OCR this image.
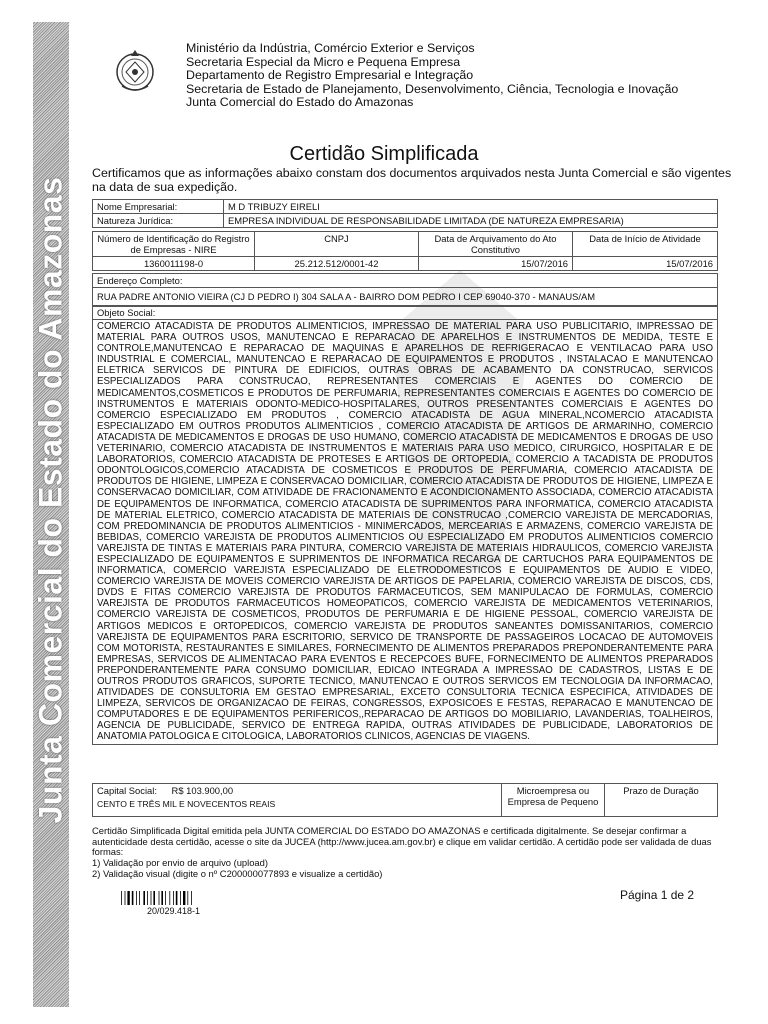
Junta Comercial do Estado do Amazonas
Ministério da Indústria, Comércio Exterior e Serviços
Secretaria Especial da Micro e Pequena Empresa
Departamento de Registro Empresarial e Integração
Secretaria de Estado de Planejamento, Desenvolvimento, Ciência, Tecnologia e Inovação
Junta Comercial do Estado do Amazonas
Certidão Simplificada
Certificamos que as informações abaixo constam dos documentos arquivados nesta Junta Comercial e são vigentes na data de sua expedição.
Nome Empresarial:	M D TRIBUZY EIRELI
Natureza Jurídica:	EMPRESA INDIVIDUAL DE RESPONSABILIDADE LIMITADA (DE NATUREZA EMPRESARIA)
Número de Identificação do Registro de Empresas - NIRE	CNPJ	Data de Arquivamento do Ato Constitutivo	Data de Início de Atividade
1360011198-0	25.212.512/0001-42	15/07/2016	15/07/2016
Endereço Completo:
RUA PADRE ANTONIO VIEIRA (CJ D PEDRO I) 304 SALA A - BAIRRO DOM PEDRO I CEP 69040-370 - MANAUS/AM
Objeto Social:
COMERCIO ATACADISTA DE PRODUTOS ALIMENTICIOS, IMPRESSAO DE MATERIAL PARA USO PUBLICITARIO, IMPRESSAO DE MATERIAL PARA OUTROS USOS, MANUTENCAO E REPARACAO DE APARELHOS E INSTRUMENTOS DE MEDIDA, TESTE E CONTROLE,MANUTENCAO E REPARACAO DE MAQUINAS E APARELHOS DE REFRIGERACAO E VENTILACAO PARA USO INDUSTRIAL E COMERCIAL, MANUTENCAO E REPARACAO DE EQUIPAMENTOS E PRODUTOS , INSTALACAO E MANUTENCAO ELETRICA SERVICOS DE PINTURA DE EDIFICIOS, OUTRAS OBRAS DE ACABAMENTO DA CONSTRUCAO, SERVICOS ESPECIALIZADOS PARA CONSTRUCAO, REPRESENTANTES COMERCIAIS E AGENTES DO COMERCIO DE MEDICAMENTOS,COSMETICOS E PRODUTOS DE PERFUMARIA, REPRESENTANTES COMERCIAIS E AGENTES DO COMERCIO DE INSTRUMENTOS E MATERIAIS ODONTO-MEDICO-HOSPITALARES, OUTROS PRESENTANTES COMERCIAIS E AGENTES DO COMERCIO ESPECIALIZADO EM PRODUTOS , COMERCIO ATACADISTA DE AGUA MINERAL,NCOMERCIO ATACADISTA ESPECIALIZADO EM OUTROS PRODUTOS ALIMENTICIOS , COMERCIO ATACADISTA DE ARTIGOS DE ARMARINHO, COMERCIO ATACADISTA DE MEDICAMENTOS E DROGAS DE USO HUMANO, COMERCIO ATACADISTA DE MEDICAMENTOS E DROGAS DE USO VETERINARIO, COMERCIO ATACADISTA DE INSTRUMENTOS E MATERIAIS PARA USO MEDICO, CIRURGICO, HOSPITALAR E DE LABORATORIOS, COMERCIO ATACADISTA DE PROTESES E ARTIGOS DE ORTOPEDIA, COMERCIO A TACADISTA DE PRODUTOS ODONTOLOGICOS,COMERCIO ATACADISTA DE COSMETICOS E PRODUTOS DE PERFUMARIA, COMERCIO ATACADISTA DE PRODUTOS DE HIGIENE, LIMPEZA E CONSERVACAO DOMICILIAR, COMERCIO ATACADISTA DE PRODUTOS DE HIGIENE, LIMPEZA E CONSERVACAO DOMICILIAR, COM ATIVIDADE DE FRACIONAMENTO E ACONDICIONAMENTO ASSOCIADA, COMERCIO ATACADISTA DE EQUIPAMENTOS DE INFORMATICA, COMERCIO ATACADISTA DE SUPRIMENTOS PARA INFORMATICA, COMERCIO ATACADISTA DE MATERIAL ELETRICO, COMERCIO ATACADISTA DE MATERIAIS DE CONSTRUCAO ,COMERCIO VAREJISTA DE MERCADORIAS, COM PREDOMINANCIA DE PRODUTOS ALIMENTICIOS - MINIMERCADOS, MERCEARIAS E ARMAZENS, COMERCIO VAREJISTA DE BEBIDAS, COMERCIO VAREJISTA DE PRODUTOS ALIMENTICIOS OU ESPECIALIZADO EM PRODUTOS ALIMENTICIOS COMERCIO VAREJISTA DE TINTAS E MATERIAIS PARA PINTURA, COMERCIO VAREJISTA DE MATERIAIS HIDRAULICOS, COMERCIO VAREJISTA ESPECIALIZADO DE EQUIPAMENTOS E SUPRIMENTOS DE INFORMATICA RECARGA DE CARTUCHOS PARA EQUIPAMENTOS DE INFORMATICA, COMERCIO VAREJISTA ESPECIALIZADO DE ELETRODOMESTICOS E EQUIPAMENTOS DE AUDIO E VIDEO, COMERCIO VAREJISTA DE MOVEIS COMERCIO VAREJISTA DE ARTIGOS DE PAPELARIA, COMERCIO VAREJISTA DE DISCOS, CDS, DVDS E FITAS COMERCIO VAREJISTA DE PRODUTOS FARMACEUTICOS, SEM MANIPULACAO DE FORMULAS, COMERCIO VAREJISTA DE PRODUTOS FARMACEUTICOS HOMEOPATICOS, COMERCIO VAREJISTA DE MEDICAMENTOS VETERINARIOS, COMERCIO VAREJISTA DE COSMETICOS, PRODUTOS DE PERFUMARIA E DE HIGIENE PESSOAL, COMERCIO VAREJISTA DE ARTIGOS MEDICOS E ORTOPEDICOS, COMERCIO VAREJISTA DE PRODUTOS SANEANTES DOMISSANITARIOS, COMERCIO VAREJISTA DE EQUIPAMENTOS PARA ESCRITORIO, SERVICO DE TRANSPORTE DE PASSAGEIROS LOCACAO DE AUTOMOVEIS COM MOTORISTA, RESTAURANTES E SIMILARES, FORNECIMENTO DE ALIMENTOS PREPARADOS PREPONDERANTEMENTE PARA EMPRESAS, SERVICOS DE ALIMENTACAO PARA EVENTOS E RECEPCOES BUFE, FORNECIMENTO DE ALIMENTOS PREPARADOS PREPONDERANTEMENTE PARA CONSUMO DOMICILIAR, EDICAO INTEGRADA A IMPRESSAO DE CADASTROS, LISTAS E DE OUTROS PRODUTOS GRAFICOS, SUPORTE TECNICO, MANUTENCAO E OUTROS SERVICOS EM TECNOLOGIA DA INFORMACAO, ATIVIDADES DE CONSULTORIA EM GESTAO EMPRESARIAL, EXCETO CONSULTORIA TECNICA ESPECIFICA, ATIVIDADES DE LIMPEZA, SERVICOS DE ORGANIZACAO DE FEIRAS, CONGRESSOS, EXPOSICOES E FESTAS, REPARACAO E MANUTENCAO DE COMPUTADORES E DE EQUIPAMENTOS PERIFERICOS,,REPARACAO DE ARTIGOS DO MOBILIARIO, LAVANDERIAS, TOALHEIROS, AGENCIA DE PUBLICIDADE, SERVICO DE ENTREGA RAPIDA, OUTRAS ATIVIDADES DE PUBLICIDADE, LABORATORIOS DE ANATOMIA PATOLOGICA E CITOLOGICA, LABORATORIOS CLINICOS, AGENCIAS DE VIAGENS.
Capital Social: R$ 103.900,00
CENTO E TRÊS MIL E NOVECENTOS REAIS
	Microempresa ou Empresa de Pequeno	Prazo de Duração
Certidão Simplificada Digital emitida pela JUNTA COMERCIAL DO ESTADO DO AMAZONAS e certificada digitalmente. Se desejar confirmar a autenticidade desta certidão, acesse o site da JUCEA (http://www.jucea.am.gov.br) e clique em validar certidão. A certidão pode ser validada de duas formas:
1) Validação por envio de arquivo (upload)
2) Validação visual (digite o nº C200000077893 e visualize a certidão)
20/029.418-1
Página 1 de 2
